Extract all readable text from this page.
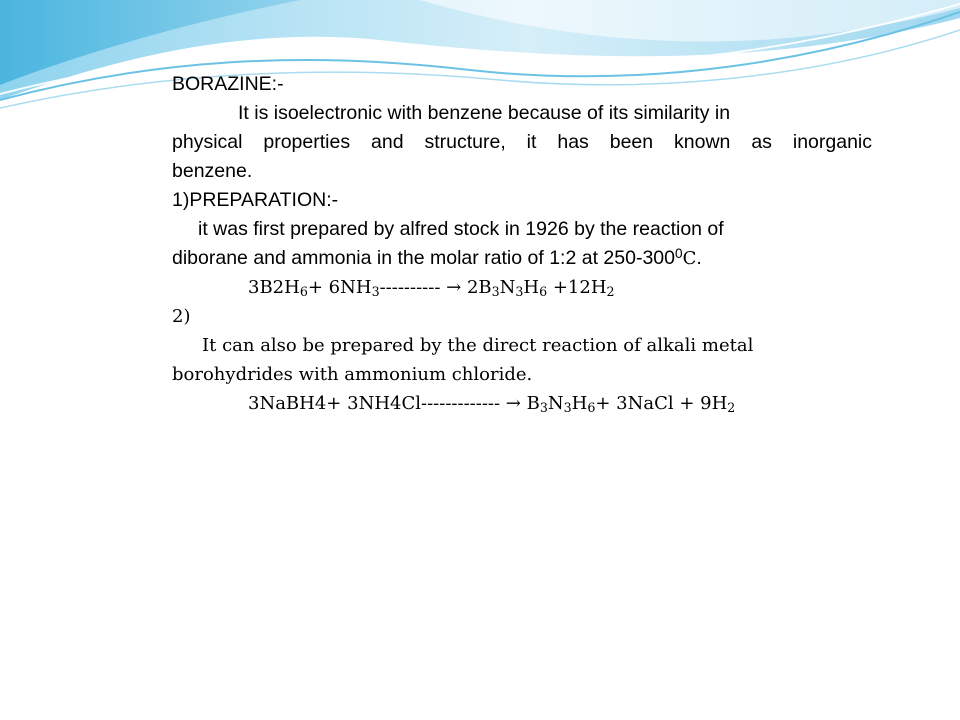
BORAZINE:-

It is isoelectronic with benzene because of its similarity in

physical properties and structure, it has been known as inorganic

benzene.

1)PREPARATION:-

it was first prepared by alfred stock in 1926 by the reaction of

diborane and ammonia in the molar ratio of 1:2 at $250-300^0C$.

$3B2H_6+ 6NH_3---------- \to 2B_3N_3H_6 +12H_2$

2)

It can also be prepared by the direct reaction of alkali metal

borohydrides with ammonium chloride.

3NaBH4+ $3NH4Cl------------- \to B_3N_3H_6+$ 3NaCl + $9H_2$
